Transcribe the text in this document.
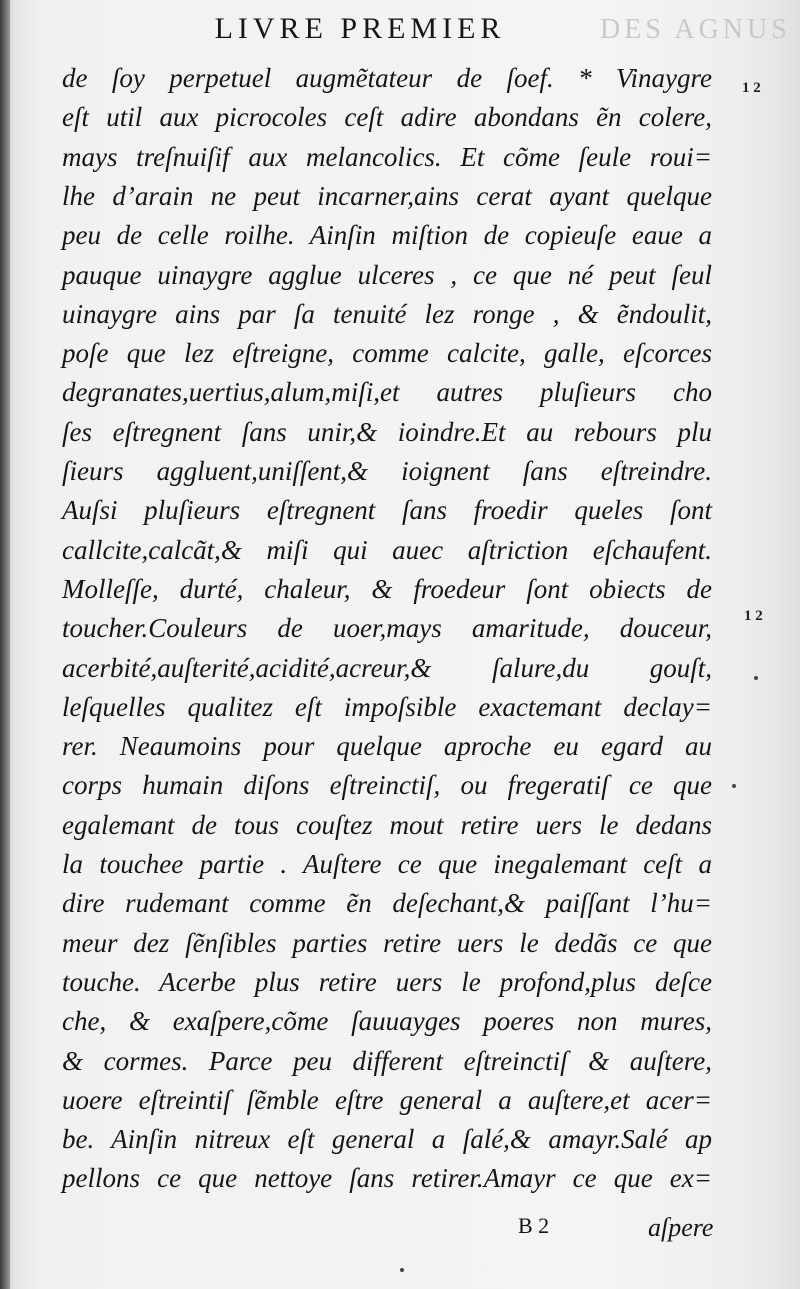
DES AGNUS
LIVRE PREMIER
1 2
1 2
de ſoy perpetuel augmẽtateur de ſoef. * Vinaygre
eſt util aux picrocoles ceſt adire abondans ẽn colere,
mays treſnuiſif aux melancolics. Et cõme ſeule roui=
lhe d’arain ne peut incarner,ains cerat ayant quelque
peu de celle roilhe. Ainſin miſtion de copieuſe eaue a
pauque uinaygre agglue ulceres , ce que né peut ſeul
uinaygre ains par ſa tenuité lez ronge , & ẽndoulit,
poſe que lez eſtreigne, comme calcite, galle, eſcorces
degranates,uertius,alum,miſi,et autres pluſieurs cho
ſes eſtregnent ſans unir,& ioindre.Et au rebours plu
ſieurs aggluent,uniſſent,& ioignent ſans eſtreindre.
Auſsi pluſieurs eſtregnent ſans froedir queles ſont
callcite,calcãt,& miſi qui auec aſtriction eſchaufent.
Molleſſe, durté, chaleur, & froedeur ſont obiects de
toucher.Couleurs de uoer,mays amaritude, douceur,
acerbité,auſterité,acidité,acreur,& ſalure,du gouſt,
leſquelles qualitez eſt impoſsible exactemant declay=
rer. Neaumoins pour quelque aproche eu egard au
corps humain diſons eſtreinctiſ, ou fregeratiſ ce que
egalemant de tous couſtez mout retire uers le dedans
la touchee partie . Auſtere ce que inegalemant ceſt a
dire rudemant comme ẽn deſechant,& paiſſant l’hu=
meur dez ſẽnſibles parties retire uers le dedãs ce que
touche. Acerbe plus retire uers le profond,plus deſce
che, & exaſpere,cõme ſauuayges poeres non mures,
& cormes. Parce peu different eſtreinctiſ & auſtere,
uoere eſtreintiſ ſẽmble eſtre general a auſtere,et acer=
be. Ainſin nitreux eſt general a ſalé,& amayr.Salé ap
pellons ce que nettoye ſans retirer.Amayr ce que ex=
B 2	aſpere
